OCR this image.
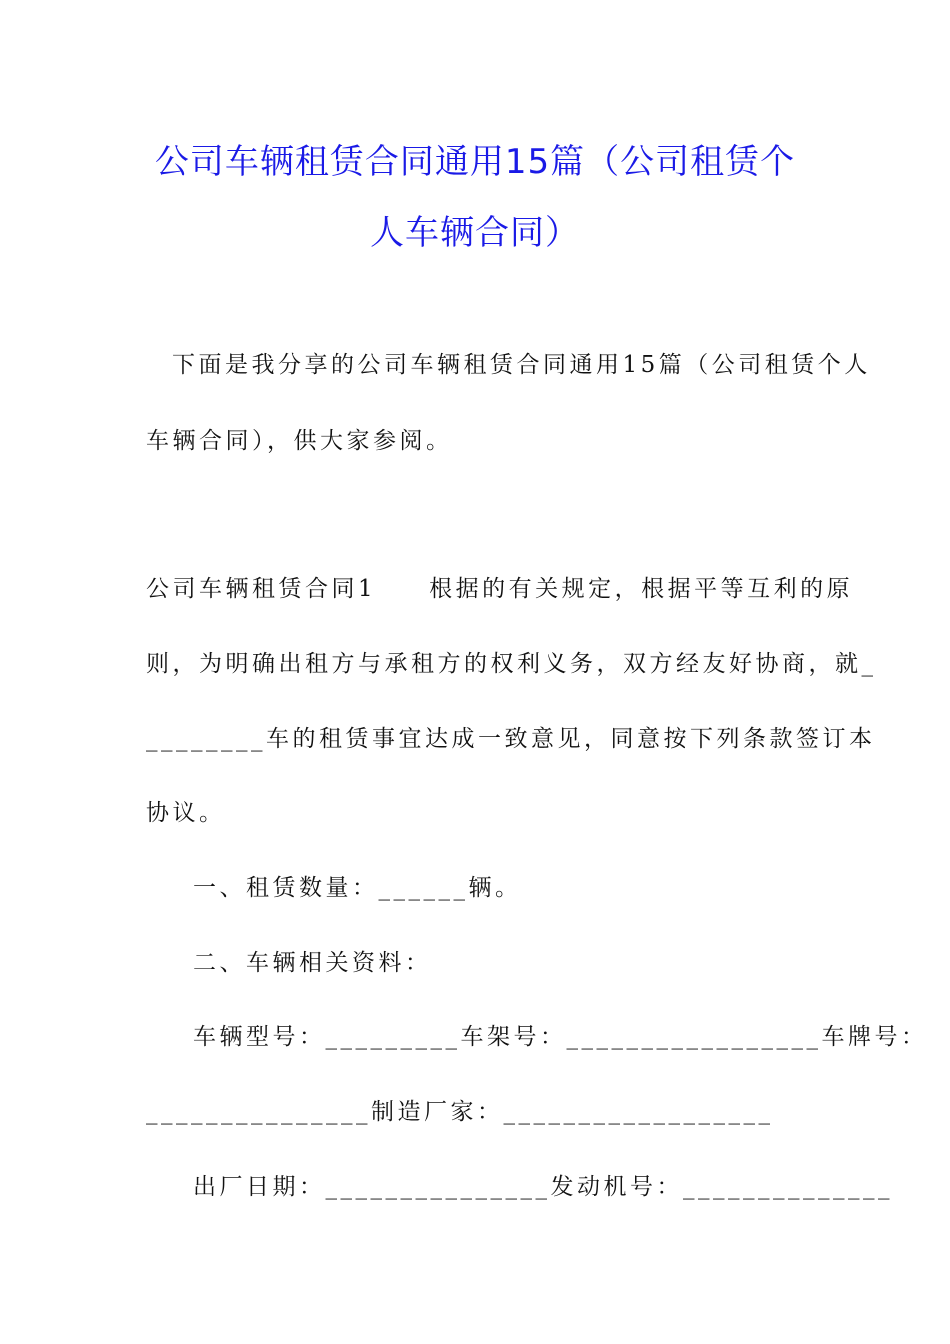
公司车辆租赁合同通用15篇（公司租赁个
人车辆合同）
下面是我分享的公司车辆租赁合同通用15篇（公司租赁个人
车辆合同），供大家参阅。
公司车辆租赁合同1　　根据的有关规定，根据平等互利的原
则，为明确出租方与承租方的权利义务，双方经友好协商，就_
________车的租赁事宜达成一致意见，同意按下列条款签订本
协议。
一、租赁数量：______辆。
二、车辆相关资料：
车辆型号：_________车架号：_________________车牌号：
_______________制造厂家：__________________
出厂日期：_______________发动机号：______________
